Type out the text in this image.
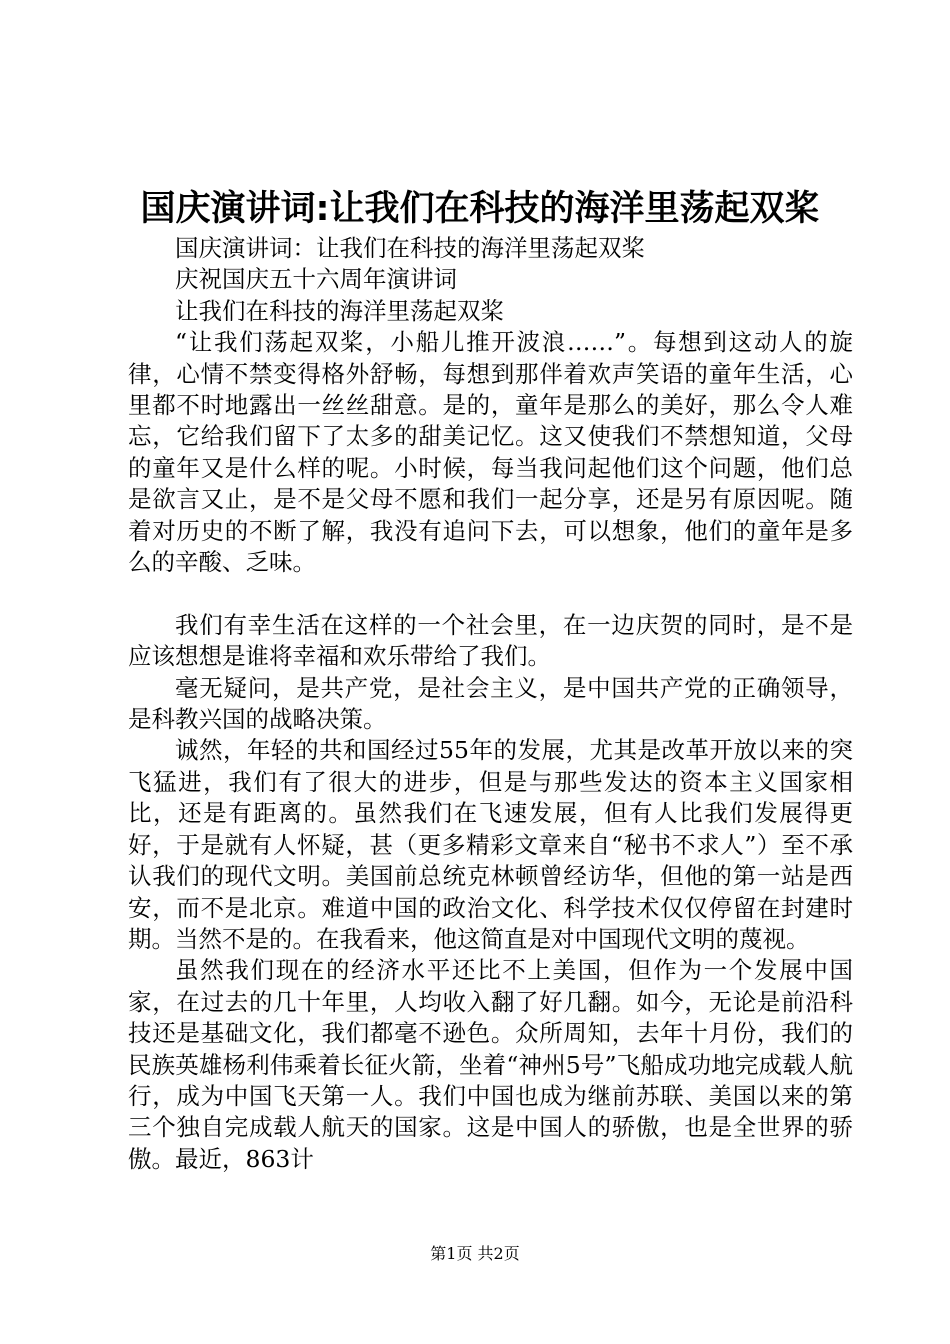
国庆演讲词:让我们在科技的海洋里荡起双桨

国庆演讲词：让我们在科技的海洋里荡起双桨

庆祝国庆五十六周年演讲词

让我们在科技的海洋里荡起双桨

“让我们荡起双桨，小船儿推开波浪……”。每想到这动人的旋律，心情不禁变得格外舒畅，每想到那伴着欢声笑语的童年生活，心里都不时地露出一丝丝甜意。是的，童年是那么的美好，那么令人难忘，它给我们留下了太多的甜美记忆。这又使我们不禁想知道，父母的童年又是什么样的呢。小时候，每当我问起他们这个问题，他们总是欲言又止，是不是父母不愿和我们一起分享，还是另有原因呢。随着对历史的不断了解，我没有追问下去，可以想象，他们的童年是多么的辛酸、乏味。

我们有幸生活在这样的一个社会里，在一边庆贺的同时，是不是应该想想是谁将幸福和欢乐带给了我们。

毫无疑问，是共产党，是社会主义，是中国共产党的正确领导，是科教兴国的战略决策。

诚然，年轻的共和国经过55年的发展，尤其是改革开放以来的突飞猛进，我们有了很大的进步，但是与那些发达的资本主义国家相比，还是有距离的。虽然我们在飞速发展，但有人比我们发展得更好，于是就有人怀疑，甚（更多精彩文章来自“秘书不求人”）至不承认我们的现代文明。美国前总统克林顿曾经访华，但他的第一站是西安，而不是北京。难道中国的政治文化、科学技术仅仅停留在封建时期。当然不是的。在我看来，他这简直是对中国现代文明的蔑视。

虽然我们现在的经济水平还比不上美国，但作为一个发展中国家，在过去的几十年里，人均收入翻了好几翻。如今，无论是前沿科技还是基础文化，我们都毫不逊色。众所周知，去年十月份，我们的民族英雄杨利伟乘着长征火箭，坐着“神州5号”飞船成功地完成载人航行，成为中国飞天第一人。我们中国也成为继前苏联、美国以来的第三个独自完成载人航天的国家。这是中国人的骄傲，也是全世界的骄傲。最近，863计

第1页 共2页
